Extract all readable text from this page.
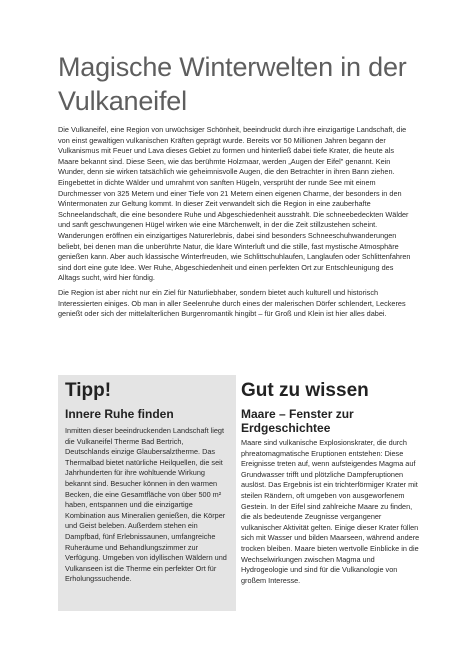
Magische Winterwelten in der Vulkaneifel

Die Vulkaneifel, eine Region von urwüchsiger Schönheit, beeindruckt durch ihre einzigartige Landschaft, die von einst gewaltigen vulkanischen Kräften geprägt wurde. Bereits vor 50 Millionen Jahren begann der Vulkanismus mit Feuer und Lava dieses Gebiet zu formen und hinterließ dabei tiefe Krater, die heute als Maare bekannt sind. Diese Seen, wie das berühmte Holzmaar, werden „Augen der Eifel" genannt. Kein Wunder, denn sie wirken tatsächlich wie geheimnisvolle Augen, die den Betrachter in ihren Bann ziehen. Eingebettet in dichte Wälder und umrahmt von sanften Hügeln, versprüht der runde See mit einem Durchmesser von 325 Metern und einer Tiefe von 21 Metern einen eigenen Charme, der besonders in den Wintermonaten zur Geltung kommt. In dieser Zeit verwandelt sich die Region in eine zauberhafte Schneelandschaft, die eine besondere Ruhe und Abgeschiedenheit ausstrahlt. Die schneebedeckten Wälder und sanft geschwungenen Hügel wirken wie eine Märchenwelt, in der die Zeit stillzustehen scheint. Wanderungen eröffnen ein einzigartiges Naturerlebnis, dabei sind besonders Schneeschuhwanderungen beliebt, bei denen man die unberührte Natur, die klare Winterluft und die stille, fast mystische Atmosphäre genießen kann. Aber auch klassische Winterfreuden, wie Schlittschuhlaufen, Langlaufen oder Schlittenfahren sind dort eine gute Idee. Wer Ruhe, Abgeschiedenheit und einen perfekten Ort zur Entschleunigung des Alltags sucht, wird hier fündig.

Die Region ist aber nicht nur ein Ziel für Naturliebhaber, sondern bietet auch kulturell und historisch Interessierten einiges. Ob man in aller Seelenruhe durch eines der malerischen Dörfer schlendert, Leckeres genießt oder sich der mittelalterlichen Burgenromantik hingibt – für Groß und Klein ist hier alles dabei.

Tipp!
Innere Ruhe finden

Inmitten dieser beeindruckenden Landschaft liegt die Vulkaneifel Therme Bad Bertrich, Deutschlands einzige Glaubersalztherme. Das Thermalbad bietet natürliche Heilquellen, die seit Jahrhunderten für ihre wohltuende Wirkung bekannt sind. Besucher können in den warmen Becken, die eine Gesamtfläche von über 500 m² haben, entspannen und die einzigartige Kombination aus Mineralien genießen, die Körper und Geist beleben. Außerdem stehen ein Dampfbad, fünf Erlebnissaunen, umfangreiche Ruheräume und Behandlungszimmer zur Verfügung. Umgeben von idyllischen Wäldern und Vulkanseen ist die Therme ein perfekter Ort für Erholungssuchende.

Gut zu wissen
Maare – Fenster zur Erdgeschichtee

Maare sind vulkanische Explosionskrater, die durch phreatomagmatische Eruptionen entstehen: Diese Ereignisse treten auf, wenn aufsteigendes Magma auf Grundwasser trifft und plötzliche Dampferuptionen auslöst. Das Ergebnis ist ein trichterförmiger Krater mit steilen Rändern, oft umgeben von ausgeworfenem Gestein. In der Eifel sind zahlreiche Maare zu finden, die als bedeutende Zeugnisse vergangener vulkanischer Aktivität gelten. Einige dieser Krater füllen sich mit Wasser und bilden Maarseen, während andere trocken bleiben. Maare bieten wertvolle Einblicke in die Wechselwirkungen zwischen Magma und Hydrogeologie und sind für die Vulkanologie von großem Interesse.
